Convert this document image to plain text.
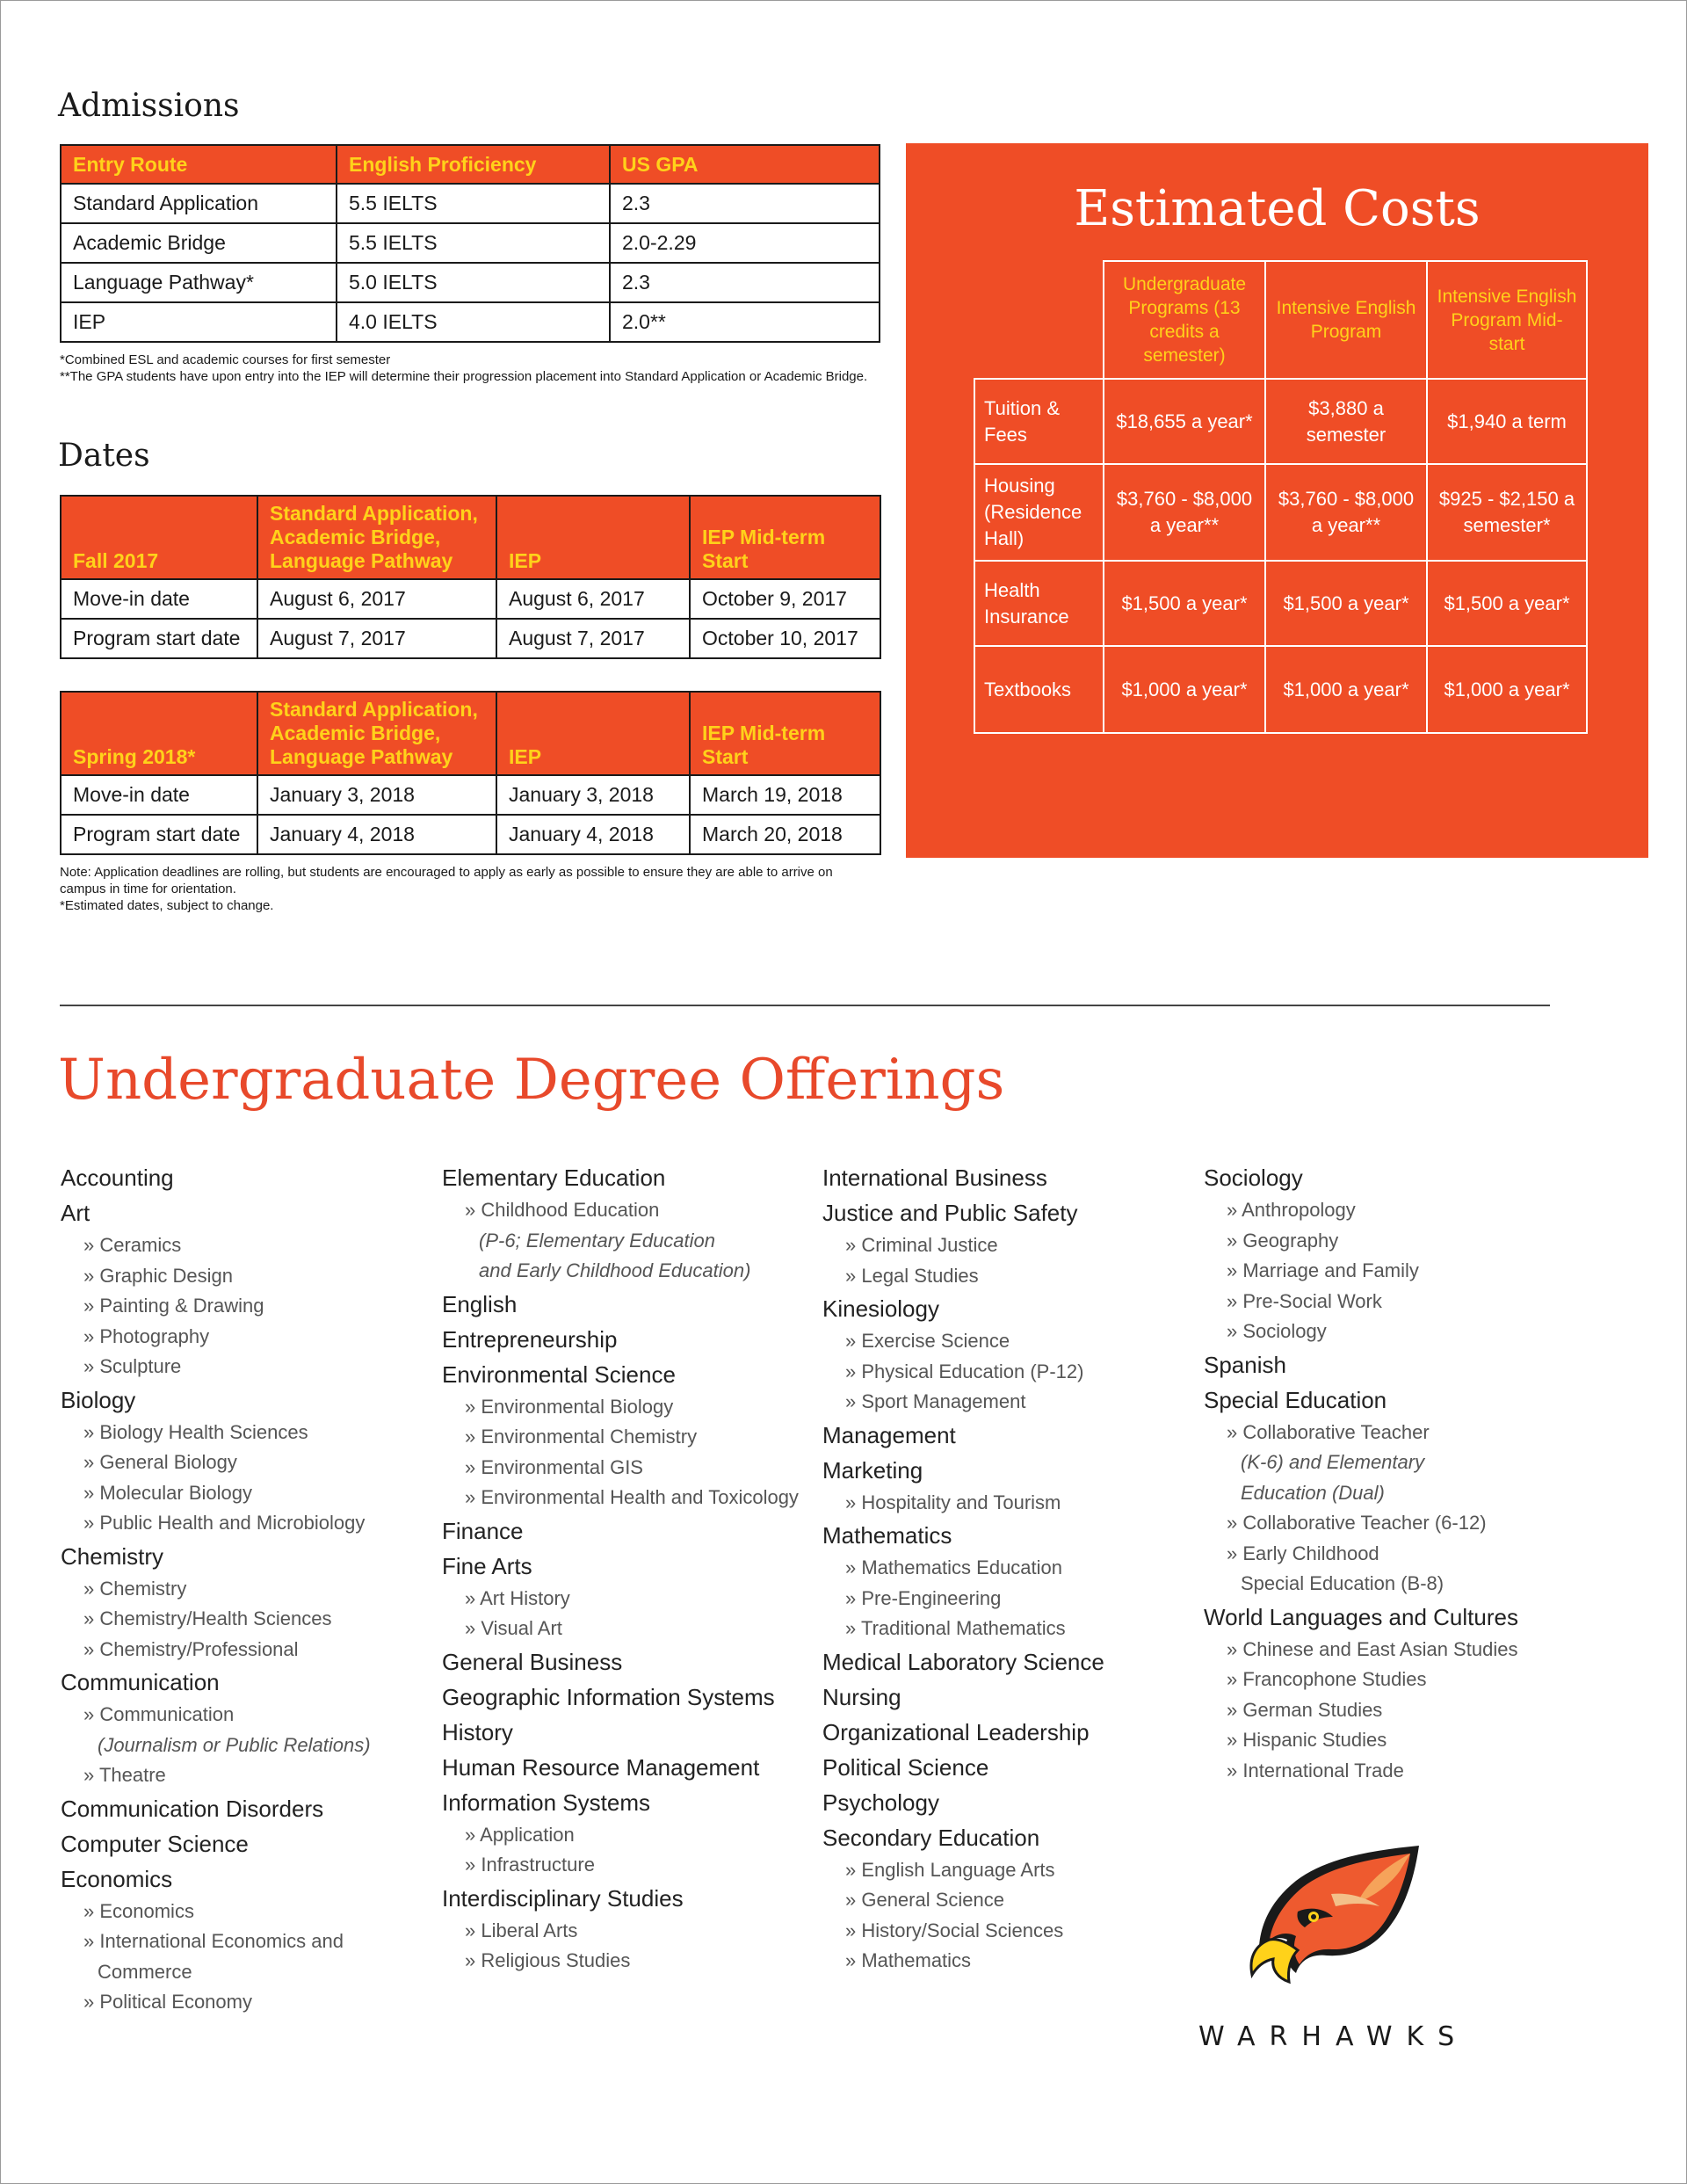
Admissions
Entry Route	English Proficiency	US GPA
Standard Application	5.5 IELTS	2.3
Academic Bridge	5.5 IELTS	2.0-2.29
Language Pathway*	5.0 IELTS	2.3
IEP	4.0 IELTS	2.0**
*Combined ESL and academic courses for first semester
**The GPA students have upon entry into the IEP will determine their progression placement into Standard Application or Academic Bridge.
Dates
Fall 2017	Standard Application, Academic Bridge, Language Pathway	IEP	IEP Mid-term Start
Move-in date	August 6, 2017	August 6, 2017	October 9, 2017
Program start date	August 7, 2017	August 7, 2017	October 10, 2017
Spring 2018*	Standard Application, Academic Bridge, Language Pathway	IEP	IEP Mid-term Start
Move-in date	January 3, 2018	January 3, 2018	March 19, 2018
Program start date	January 4, 2018	January 4, 2018	March 20, 2018
Note: Application deadlines are rolling, but students are encouraged to apply as early as possible to ensure they are able to arrive on campus in time for orientation.
*Estimated dates, subject to change.
Estimated Costs
	Undergraduate Programs (13 credits a semester)	Intensive English Program	Intensive English Program Mid-start
Tuition & Fees	$18,655 a year*	$3,880 a semester	$1,940 a term
Housing (Residence Hall)	$3,760 - $8,000 a year**	$3,760 - $8,000 a year**	$925 - $2,150 a semester*
Health Insurance	$1,500 a year*	$1,500 a year*	$1,500 a year*
Textbooks	$1,000 a year*	$1,000 a year*	$1,000 a year*
Undergraduate Degree Offerings
Accounting
Art
» Ceramics
» Graphic Design
» Painting & Drawing
» Photography
» Sculpture
Biology
» Biology Health Sciences
» General Biology
» Molecular Biology
» Public Health and Microbiology
Chemistry
» Chemistry
» Chemistry/Health Sciences
» Chemistry/Professional
Communication
» Communication
(Journalism or Public Relations)
» Theatre
Communication Disorders
Computer Science
Economics
» Economics
» International Economics and
Commerce
» Political Economy
Elementary Education
» Childhood Education
(P-6; Elementary Education
and Early Childhood Education)
English
Entrepreneurship
Environmental Science
» Environmental Biology
» Environmental Chemistry
» Environmental GIS
» Environmental Health and Toxicology
Finance
Fine Arts
» Art History
» Visual Art
General Business
Geographic Information Systems
History
Human Resource Management
Information Systems
» Application
» Infrastructure
Interdisciplinary Studies
» Liberal Arts
» Religious Studies
International Business
Justice and Public Safety
» Criminal Justice
» Legal Studies
Kinesiology
» Exercise Science
» Physical Education (P-12)
» Sport Management
Management
Marketing
» Hospitality and Tourism
Mathematics
» Mathematics Education
» Pre-Engineering
» Traditional Mathematics
Medical Laboratory Science
Nursing
Organizational Leadership
Political Science
Psychology
Secondary Education
» English Language Arts
» General Science
» History/Social Sciences
» Mathematics
Sociology
» Anthropology
» Geography
» Marriage and Family
» Pre-Social Work
» Sociology
Spanish
Special Education
» Collaborative Teacher
(K-6) and Elementary
Education (Dual)
» Collaborative Teacher (6-12)
» Early Childhood
Special Education (B-8)
World Languages and Cultures
» Chinese and East Asian Studies
» Francophone Studies
» German Studies
» Hispanic Studies
» International Trade
WARHAWKS
